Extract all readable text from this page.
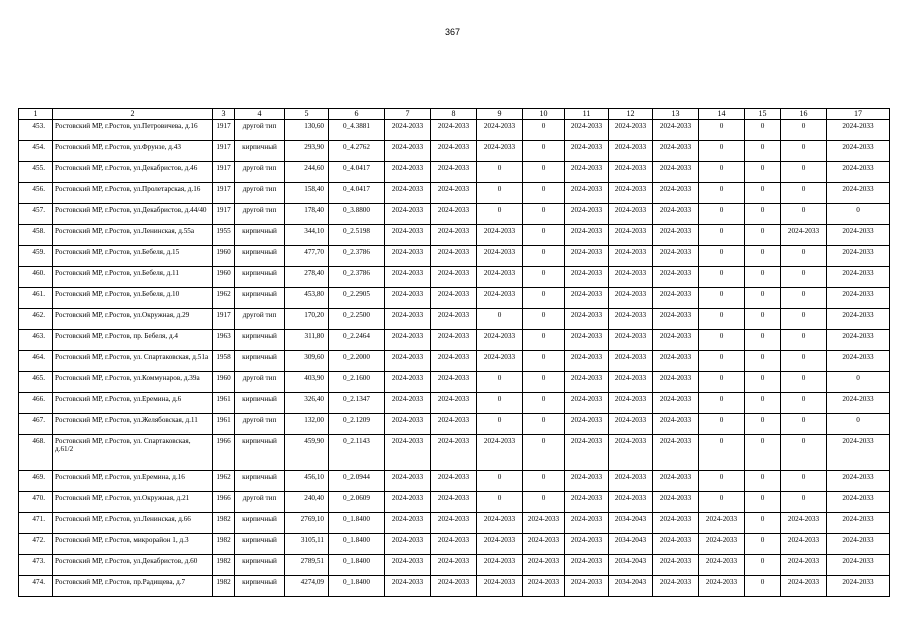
367
1	2	3	4	5	6	7	8	9	10	11	12	13	14	15	16	17
453.	Ростовский МР, г.Ростов, ул.Петровичева, д.16	1917	другой тип	130,60	0_4.3881	2024-2033	2024-2033	2024-2033	0	2024-2033	2024-2033	2024-2033	0	0	0	2024-2033
454.	Ростовский МР, г.Ростов, ул.Фрунзе, д.43	1917	кирпичный	293,90	0_4.2762	2024-2033	2024-2033	2024-2033	0	2024-2033	2024-2033	2024-2033	0	0	0	2024-2033
455.	Ростовский МР, г.Ростов, ул.Декабристов, д.46	1917	другой тип	244,60	0_4.0417	2024-2033	2024-2033	0	0	2024-2033	2024-2033	2024-2033	0	0	0	2024-2033
456.	Ростовский МР, г.Ростов, ул.Пролетарская, д.16	1917	другой тип	158,40	0_4.0417	2024-2033	2024-2033	0	0	2024-2033	2024-2033	2024-2033	0	0	0	2024-2033
457.	Ростовский МР, г.Ростов, ул.Декабристов, д.44/40	1917	другой тип	178,40	0_3.8800	2024-2033	2024-2033	0	0	2024-2033	2024-2033	2024-2033	0	0	0	0
458.	Ростовский МР, г.Ростов, ул.Ленинская, д.55а	1955	кирпичный	344,10	0_2.5198	2024-2033	2024-2033	2024-2033	0	2024-2033	2024-2033	2024-2033	0	0	2024-2033	2024-2033
459.	Ростовский МР, г.Ростов, ул.Бебеля, д.15	1960	кирпичный	477,70	0_2.3786	2024-2033	2024-2033	2024-2033	0	2024-2033	2024-2033	2024-2033	0	0	0	2024-2033
460.	Ростовский МР, г.Ростов, ул.Бебеля, д.11	1960	кирпичный	278,40	0_2.3786	2024-2033	2024-2033	2024-2033	0	2024-2033	2024-2033	2024-2033	0	0	0	2024-2033
461.	Ростовский МР, г.Ростов, ул.Бебеля, д.10	1962	кирпичный	453,80	0_2.2905	2024-2033	2024-2033	2024-2033	0	2024-2033	2024-2033	2024-2033	0	0	0	2024-2033
462.	Ростовский МР, г.Ростов, ул.Окружная, д.29	1917	другой тип	170,20	0_2.2500	2024-2033	2024-2033	0	0	2024-2033	2024-2033	2024-2033	0	0	0	2024-2033
463.	Ростовский МР, г.Ростов, пр. Бебеля, д.4	1963	кирпичный	311,80	0_2.2464	2024-2033	2024-2033	2024-2033	0	2024-2033	2024-2033	2024-2033	0	0	0	2024-2033
464.	Ростовский МР, г.Ростов, ул. Спартаковская, д.51а	1958	кирпичный	309,60	0_2.2000	2024-2033	2024-2033	2024-2033	0	2024-2033	2024-2033	2024-2033	0	0	0	2024-2033
465.	Ростовский МР, г.Ростов, ул.Коммунаров, д.39а	1960	другой тип	403,90	0_2.1600	2024-2033	2024-2033	0	0	2024-2033	2024-2033	2024-2033	0	0	0	0
466.	Ростовский МР, г.Ростов, ул.Еремина, д.6	1961	кирпичный	326,40	0_2.1347	2024-2033	2024-2033	0	0	2024-2033	2024-2033	2024-2033	0	0	0	2024-2033
467.	Ростовский МР, г.Ростов, ул.Желябовская, д.11	1961	другой тип	132,00	0_2.1209	2024-2033	2024-2033	0	0	2024-2033	2024-2033	2024-2033	0	0	0	0
468.	Ростовский МР, г.Ростов, ул. Спартаковская, д.61/2	1966	кирпичный	459,90	0_2.1143	2024-2033	2024-2033	2024-2033	0	2024-2033	2024-2033	2024-2033	0	0	0	2024-2033
469.	Ростовский МР, г.Ростов, ул.Еремина, д.16	1962	кирпичный	456,10	0_2.0944	2024-2033	2024-2033	0	0	2024-2033	2024-2033	2024-2033	0	0	0	2024-2033
470.	Ростовский МР, г.Ростов, ул.Окружная, д.21	1966	другой тип	240,40	0_2.0609	2024-2033	2024-2033	0	0	2024-2033	2024-2033	2024-2033	0	0	0	2024-2033
471.	Ростовский МР, г.Ростов, ул.Ленинская, д.66	1982	кирпичный	2769,10	0_1.8400	2024-2033	2024-2033	2024-2033	2024-2033	2024-2033	2034-2043	2024-2033	2024-2033	0	2024-2033	2024-2033
472.	Ростовский МР, г.Ростов, микрорайон 1, д.3	1982	кирпичный	3105,11	0_1.8400	2024-2033	2024-2033	2024-2033	2024-2033	2024-2033	2034-2043	2024-2033	2024-2033	0	2024-2033	2024-2033
473.	Ростовский МР, г.Ростов, ул.Декабристов, д.60	1982	кирпичный	2789,51	0_1.8400	2024-2033	2024-2033	2024-2033	2024-2033	2024-2033	2034-2043	2024-2033	2024-2033	0	2024-2033	2024-2033
474.	Ростовский МР, г.Ростов, пр.Радищева, д.7	1982	кирпичный	4274,09	0_1.8400	2024-2033	2024-2033	2024-2033	2024-2033	2024-2033	2034-2043	2024-2033	2024-2033	0	2024-2033	2024-2033
